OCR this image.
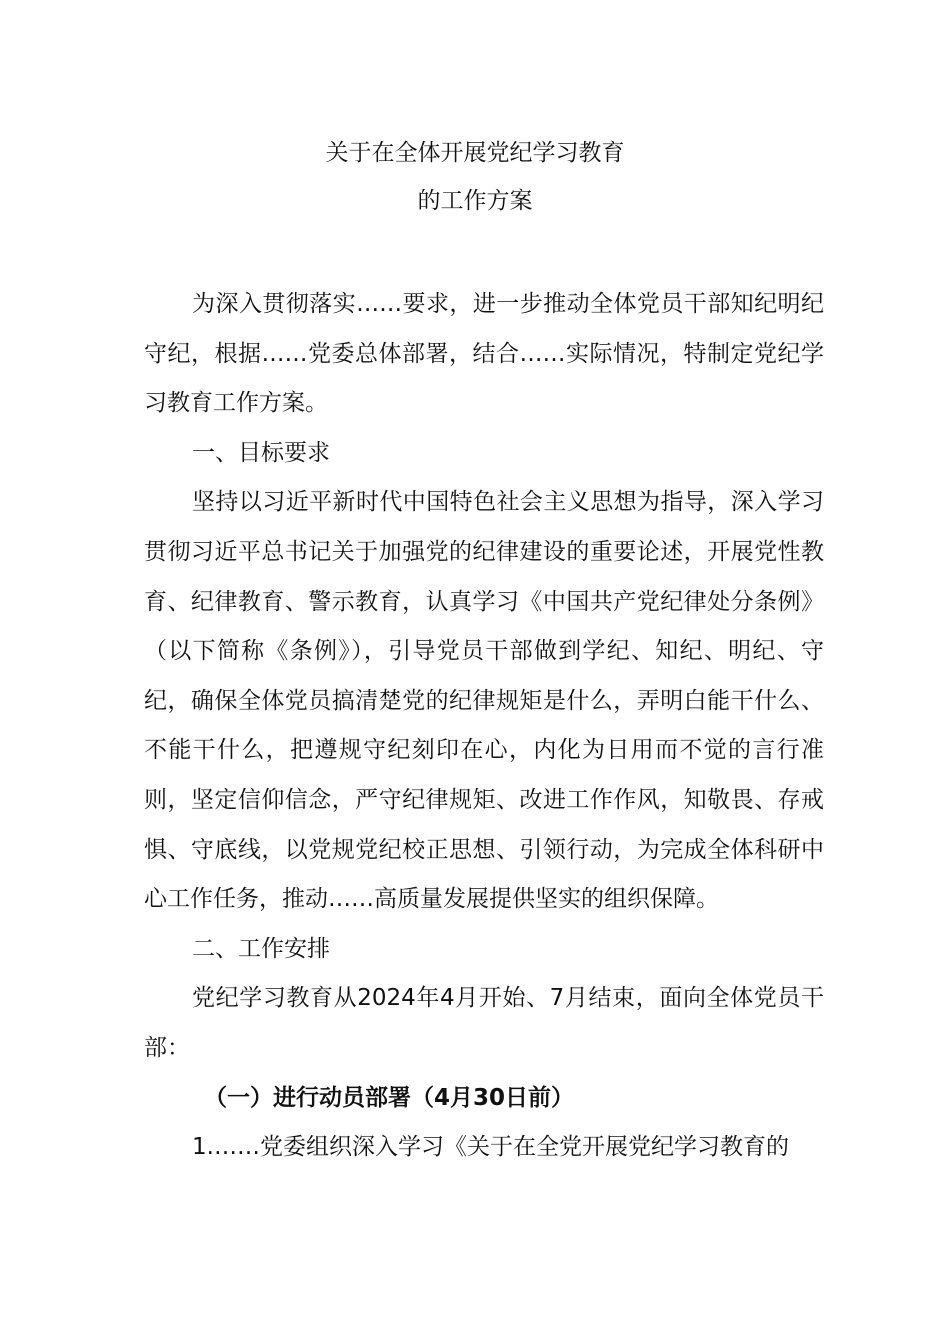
关于在全体开展党纪学习教育
的工作方案

为深入贯彻落实……要求，进一步推动全体党员干部知纪明纪守纪，根据……党委总体部署，结合……实际情况，特制定党纪学习教育工作方案。

一、目标要求

坚持以习近平新时代中国特色社会主义思想为指导，深入学习贯彻习近平总书记关于加强党的纪律建设的重要论述，开展党性教育、纪律教育、警示教育，认真学习《中国共产党纪律处分条例》（以下简称《条例》），引导党员干部做到学纪、知纪、明纪、守纪，确保全体党员搞清楚党的纪律规矩是什么，弄明白能干什么、不能干什么，把遵规守纪刻印在心，内化为日用而不觉的言行准则，坚定信仰信念，严守纪律规矩、改进工作作风，知敬畏、存戒惧、守底线，以党规党纪校正思想、引领行动，为完成全体科研中心工作任务，推动……高质量发展提供坚实的组织保障。

二、工作安排

党纪学习教育从2024年4月开始、7月结束，面向全体党员干部：

（一）进行动员部署（4月30日前）

1.……党委组织深入学习《关于在全党开展党纪学习教育的
